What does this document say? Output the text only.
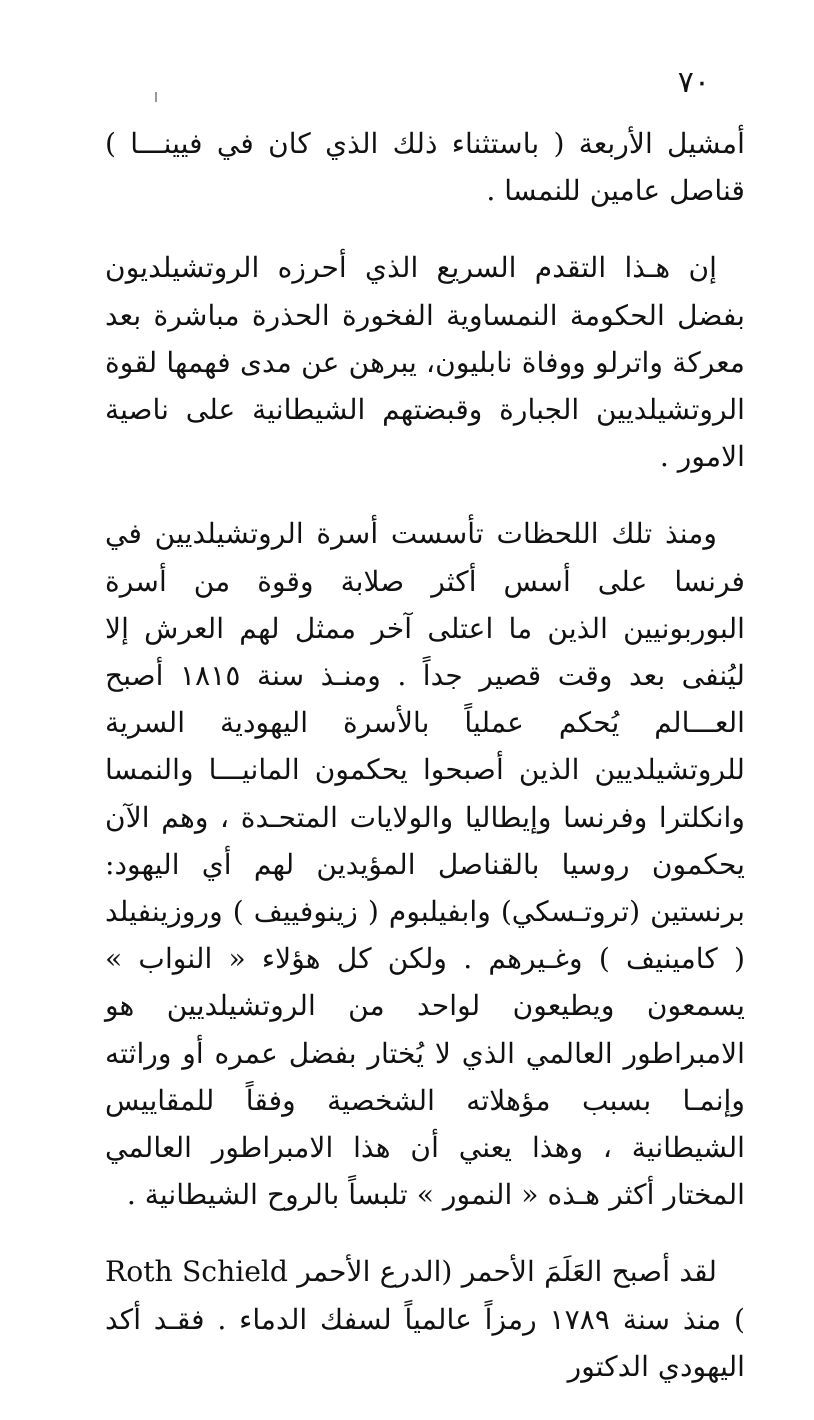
٧٠

أمشيل الأربعة ( باستثناء ذلك الذي كان في فيينـــا ) قناصل عامين للنمسا .

إن هـذا التقدم السريع الذي أحرزه الروتشيلديون بفضل الحكومة النمساوية الفخورة الحذرة مباشرة بعد معركة واترلو ووفاة نابليون، يبرهن عن مدى فهمها لقوة الروتشيلديين الجبارة وقبضتهم الشيطانية على ناصية الامور .

ومنذ تلك اللحظات تأسست أسرة الروتشيلديين في فرنسا على أسس أكثر صلابة وقوة من أسرة البوربونيين الذين ما اعتلى آخر ممثل لهم العرش إلا ليُنفى بعد وقت قصير جداً . ومنـذ سنة ١٨١٥ أصبح العـــالم يُحكم عملياً بالأسرة اليهودية السرية للروتشيلديين الذين أصبحوا يحكمون المانيـــا والنمسا وانكلترا وفرنسا وإيطاليا والولايات المتحـدة ، وهم الآن يحكمون روسيا بالقناصل المؤيدين لهم أي اليهود: برنستين (تروتـسكي) وابفيلبوم ( زينوفييف ) وروزينفيلد ( كامينيف ) وغـيرهم . ولكن كل هؤلاء « النواب » يسمعون ويطيعون لواحد من الروتشيلديين هو الامبراطور العالمي الذي لا يُختار بفضل عمره أو وراثته وإنمـا بسبب مؤهلاته الشخصية وفقاً للمقاييس الشيطانية ، وهذا يعني أن هذا الامبراطور العالمي المختار أكثر هـذه « النمور » تلبساً بالروح الشيطانية .

لقد أصبح العَلَمَ الأحمر (الدرع الأحمر Roth Schield ) منذ سنة ١٧٨٩ رمزاً عالمياً لسفك الدماء . فقـد أكد اليهودي الدكتور
